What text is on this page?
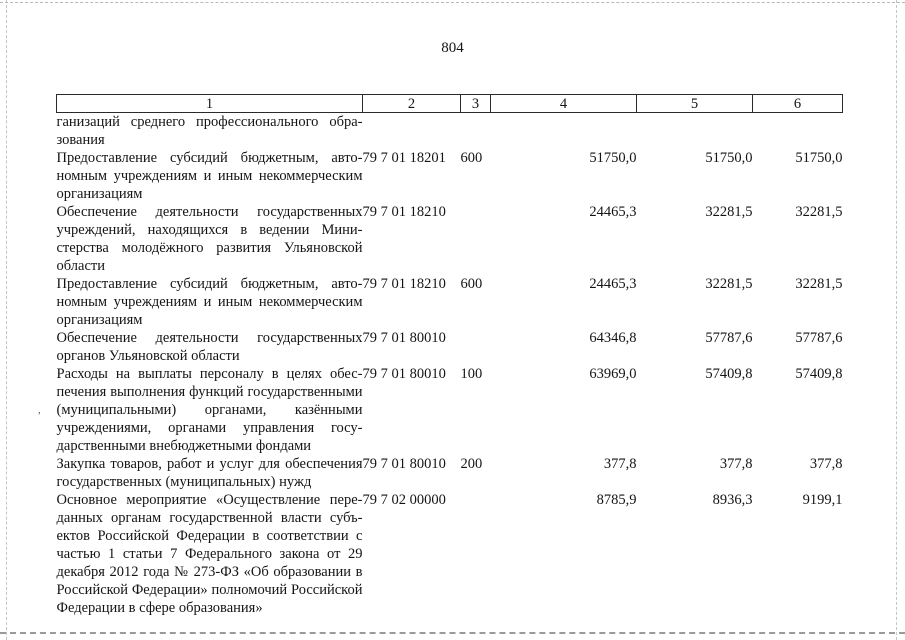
804
,
1	2	3	4	5	6
ганизаций среднего профессионального образования					
Предоставление субсидий бюджетным, автономным учреждениям и иным некоммерческим организациям	79 7 01 18201	600	51750,0	51750,0	51750,0
Обеспечение деятельности государственных учреждений, находящихся в ведении Министерства молодёжного развития Ульяновской области	79 7 01 18210		24465,3	32281,5	32281,5
Предоставление субсидий бюджетным, автономным учреждениям и иным некоммерческим организациям	79 7 01 18210	600	24465,3	32281,5	32281,5
Обеспечение деятельности государственных органов Ульяновской области	79 7 01 80010		64346,8	57787,6	57787,6
Расходы на выплаты персоналу в целях обеспечения выполнения функций государственными (муниципальными) органами, казёнными учреждениями, органами управления государственными внебюджетными фондами	79 7 01 80010	100	63969,0	57409,8	57409,8
Закупка товаров, работ и услуг для обеспечения государственных (муниципальных) нужд	79 7 01 80010	200	377,8	377,8	377,8
Основное мероприятие «Осуществление переданных органам государственной власти субъектов Российской Федерации в соответствии с частью 1 статьи 7 Федерального закона от 29 декабря 2012 года № 273-ФЗ «Об образовании в Российской Федерации» полномочий Российской Федерации в сфере образования»	79 7 02 00000		8785,9	8936,3	9199,1
